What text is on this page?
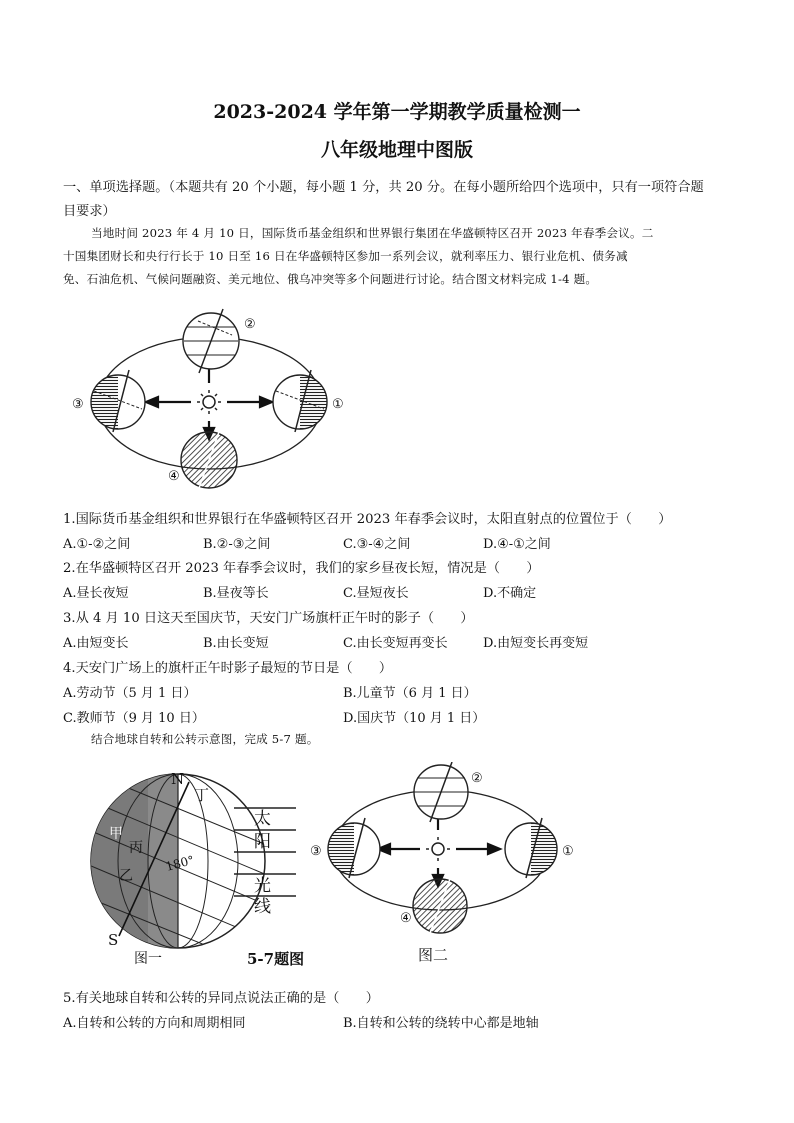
2023-2024 学年第一学期教学质量检测一
八年级地理中图版
一、单项选择题。（本题共有 20 个小题，每小题 1 分，共 20 分。在每小题所给四个选项中，只有一项符合题
目要求）
当地时间 2023 年 4 月 10 日，国际货币基金组织和世界银行集团在华盛顿特区召开 2023 年春季会议。二
十国集团财长和央行行长于 10 日至 16 日在华盛顿特区参加一系列会议，就利率压力、银行业危机、债务减
免、石油危机、气候问题融资、美元地位、俄乌冲突等多个问题进行讨论。结合图文材料完成 1-4 题。
②
③	①
④
1.国际货币基金组织和世界银行在华盛顿特区召开 2023 年春季会议时，太阳直射点的位置位于（　　）
A.①-②之间	B.②-③之间	C.③-④之间	D.④-①之间
2.在华盛顿特区召开 2023 年春季会议时，我们的家乡昼夜长短，情况是（　　）
A.昼长夜短	B.昼夜等长	C.昼短夜长	D.不确定
3.从 4 月 10 日这天至国庆节，天安门广场旗杆正午时的影子（　　）
A.由短变长	B.由长变短	C.由长变短再变长	D.由短变长再变短
4.天安门广场上的旗杆正午时影子最短的节日是（　　）
A.劳动节（5 月 1 日）	B.儿童节（6 月 1 日）
C.教师节（9 月 10 日）	D.国庆节（10 月 1 日）
结合地球自转和公转示意图，完成 5-7 题。
N
丁
甲
丙
乙
180°
S
图一
太
阳
光
线
5-7题图
②
③	①
④
图二
5.有关地球自转和公转的异同点说法正确的是（　　）
A.自转和公转的方向和周期相同	B.自转和公转的绕转中心都是地轴
